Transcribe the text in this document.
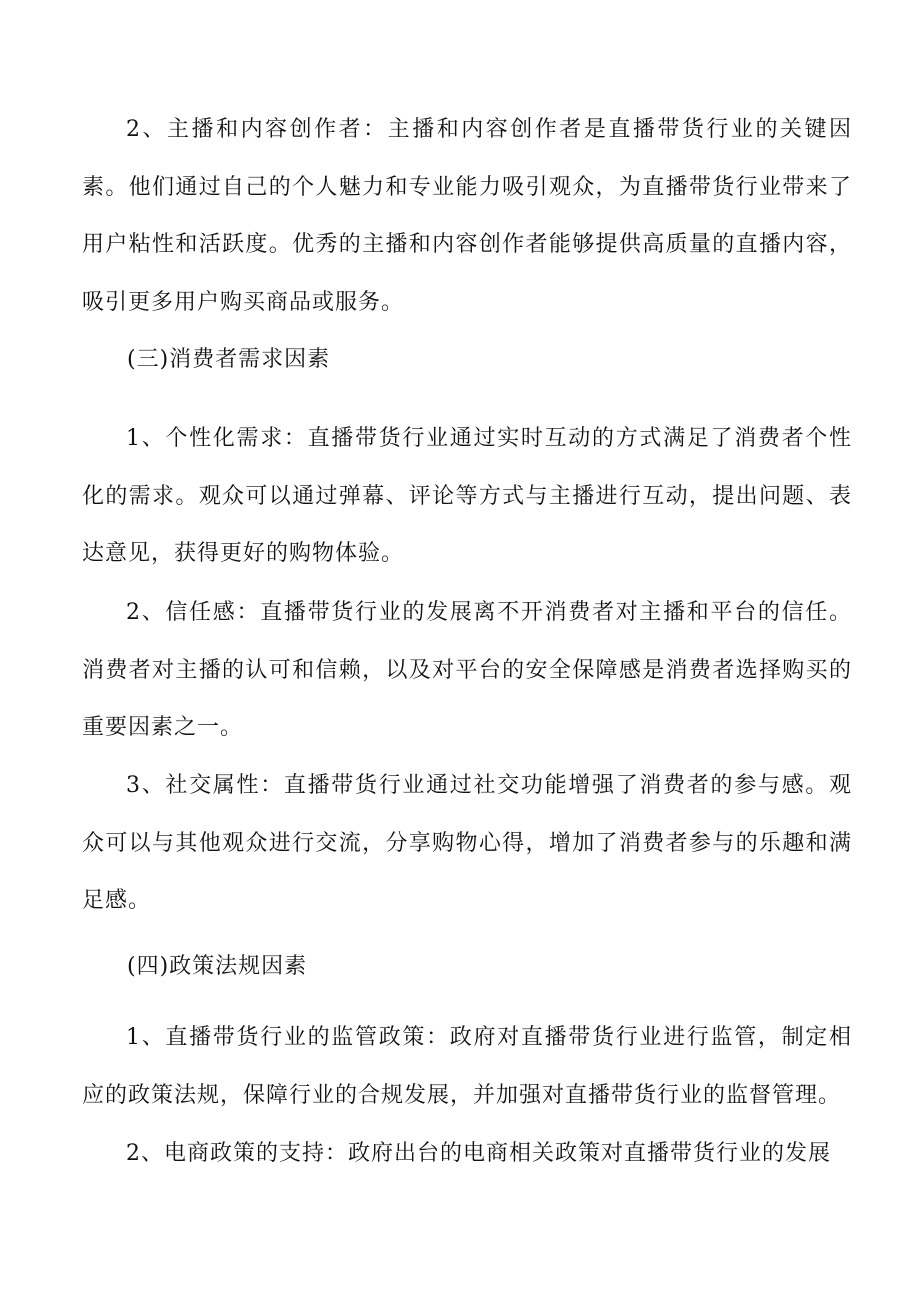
2、主播和内容创作者：主播和内容创作者是直播带货行业的关键因素。他们通过自己的个人魅力和专业能力吸引观众，为直播带货行业带来了用户粘性和活跃度。优秀的主播和内容创作者能够提供高质量的直播内容，吸引更多用户购买商品或服务。

(三)消费者需求因素

1、个性化需求：直播带货行业通过实时互动的方式满足了消费者个性化的需求。观众可以通过弹幕、评论等方式与主播进行互动，提出问题、表达意见，获得更好的购物体验。

2、信任感：直播带货行业的发展离不开消费者对主播和平台的信任。消费者对主播的认可和信赖，以及对平台的安全保障感是消费者选择购买的重要因素之一。

3、社交属性：直播带货行业通过社交功能增强了消费者的参与感。观众可以与其他观众进行交流，分享购物心得，增加了消费者参与的乐趣和满足感。

(四)政策法规因素

1、直播带货行业的监管政策：政府对直播带货行业进行监管，制定相应的政策法规，保障行业的合规发展，并加强对直播带货行业的监督管理。

2、电商政策的支持：政府出台的电商相关政策对直播带货行业的发展
